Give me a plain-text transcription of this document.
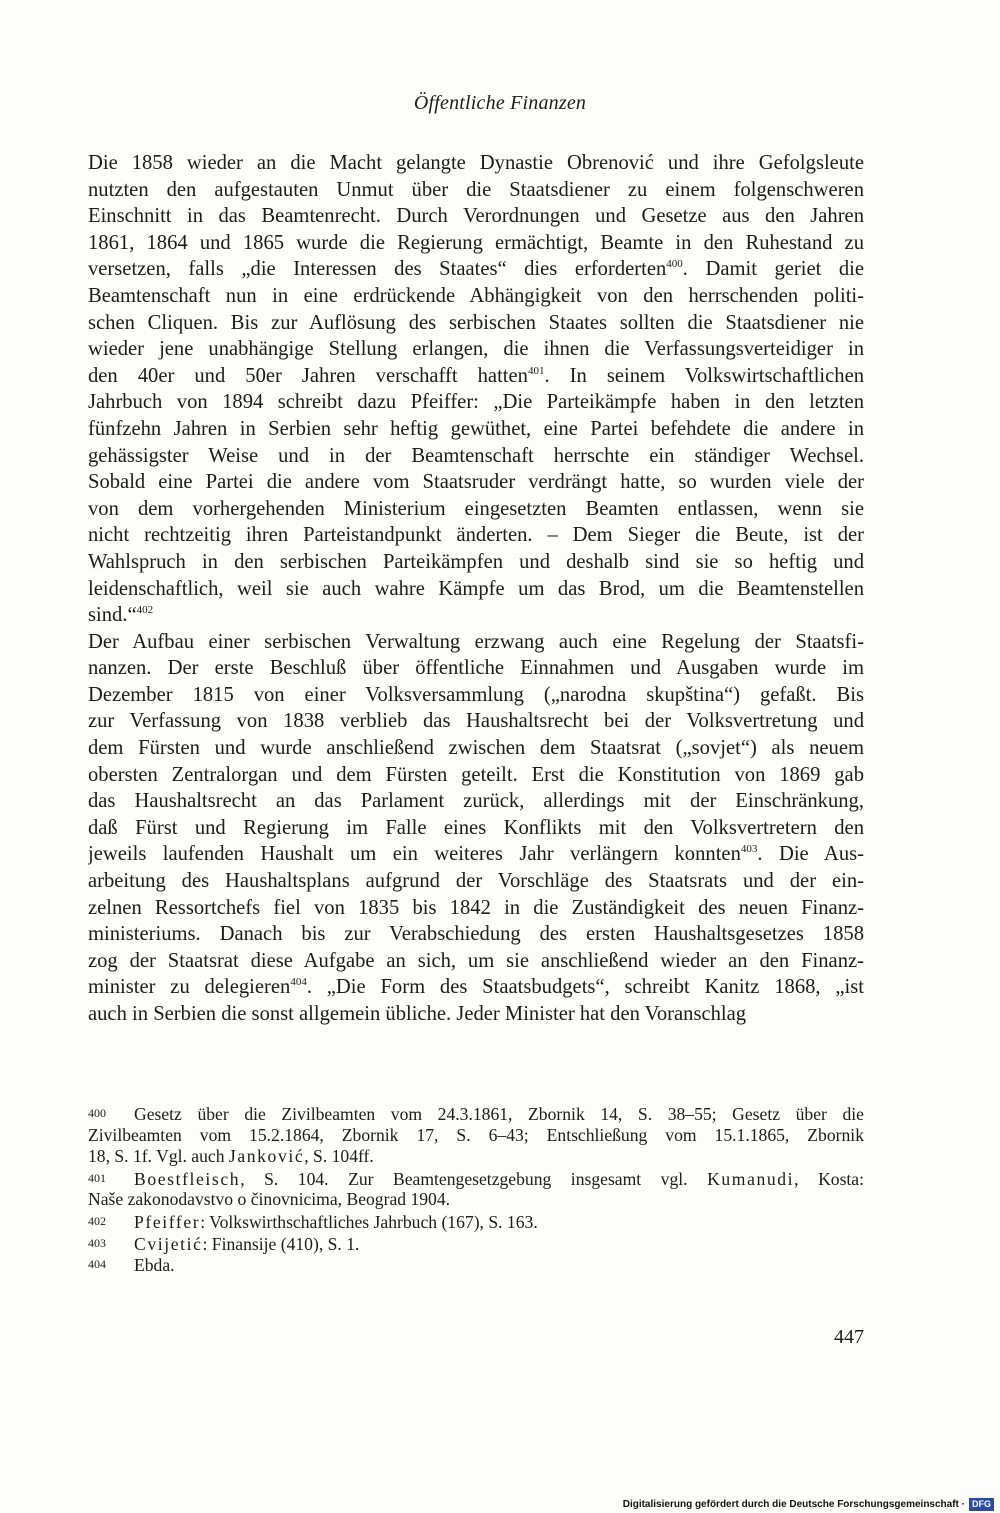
Öffentliche Finanzen
Die 1858 wieder an die Macht gelangte Dynastie Obrenović und ihre Gefolgsleute
nutzten den aufgestauten Unmut über die Staatsdiener zu einem folgenschweren
Einschnitt in das Beamtenrecht. Durch Verordnungen und Gesetze aus den Jahren
1861, 1864 und 1865 wurde die Regierung ermächtigt, Beamte in den Ruhestand zu
versetzen, falls „die Interessen des Staates“ dies erforderten$^{400}$. Damit geriet die
Beamtenschaft nun in eine erdrückende Abhängigkeit von den herrschenden politi-
schen Cliquen. Bis zur Auflösung des serbischen Staates sollten die Staatsdiener nie
wieder jene unabhängige Stellung erlangen, die ihnen die Verfassungsverteidiger in
den 40er und 50er Jahren verschafft hatten$^{401}$. In seinem Volkswirtschaftlichen
Jahrbuch von 1894 schreibt dazu Pfeiffer: „Die Parteikämpfe haben in den letzten
fünfzehn Jahren in Serbien sehr heftig gewüthet, eine Partei befehdete die andere in
gehässigster Weise und in der Beamtenschaft herrschte ein ständiger Wechsel.
Sobald eine Partei die andere vom Staatsruder verdrängt hatte, so wurden viele der
von dem vorhergehenden Ministerium eingesetzten Beamten entlassen, wenn sie
nicht rechtzeitig ihren Parteistandpunkt änderten. – Dem Sieger die Beute, ist der
Wahlspruch in den serbischen Parteikämpfen und deshalb sind sie so heftig und
leidenschaftlich, weil sie auch wahre Kämpfe um das Brod, um die Beamtenstellen
sind.“$^{402}$
Der Aufbau einer serbischen Verwaltung erzwang auch eine Regelung der Staatsfi-
nanzen. Der erste Beschluß über öffentliche Einnahmen und Ausgaben wurde im
Dezember 1815 von einer Volksversammlung („narodna skupština“) gefaßt. Bis
zur Verfassung von 1838 verblieb das Haushaltsrecht bei der Volksvertretung und
dem Fürsten und wurde anschließend zwischen dem Staatsrat („sovjet“) als neuem
obersten Zentralorgan und dem Fürsten geteilt. Erst die Konstitution von 1869 gab
das Haushaltsrecht an das Parlament zurück, allerdings mit der Einschränkung,
daß Fürst und Regierung im Falle eines Konflikts mit den Volksvertretern den
jeweils laufenden Haushalt um ein weiteres Jahr verlängern konnten$^{403}$. Die Aus-
arbeitung des Haushaltsplans aufgrund der Vorschläge des Staatsrats und der ein-
zelnen Ressortchefs fiel von 1835 bis 1842 in die Zuständigkeit des neuen Finanz-
ministeriums. Danach bis zur Verabschiedung des ersten Haushaltsgesetzes 1858
zog der Staatsrat diese Aufgabe an sich, um sie anschließend wieder an den Finanz-
minister zu delegieren$^{404}$. „Die Form des Staatsbudgets“, schreibt Kanitz 1868, „ist
auch in Serbien die sonst allgemein übliche. Jeder Minister hat den Voranschlag
400 Gesetz über die Zivilbeamten vom 24.3.1861, Zbornik 14, S. 38–55; Gesetz über die
Zivilbeamten vom 15.2.1864, Zbornik 17, S. 6–43; Entschließung vom 15.1.1865, Zbornik
18, S. 1f. Vgl. auch Janković, S. 104ff.
401 Boestfleisch, S. 104. Zur Beamtengesetzgebung insgesamt vgl. Kumanudi, Kosta:
Naše zakonodavstvo o činovnicima, Beograd 1904.
402 Pfeiffer: Volkswirthschaftliches Jahrbuch (167), S. 163.
403 Cvijetić: Finansije (410), S. 1.
404 Ebda.
447
Digitalisierung gefördert durch die Deutsche Forschungsgemeinschaft · DFG
